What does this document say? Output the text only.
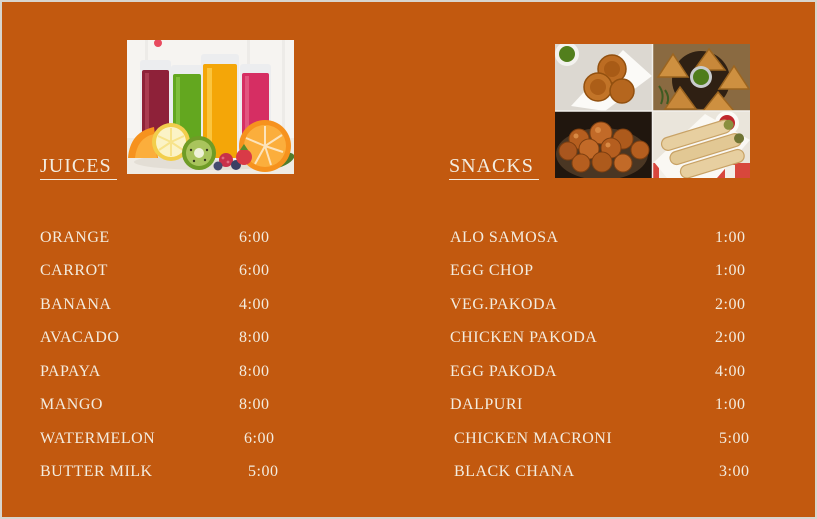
JUICES	SNACKS
ORANGE	6:00
CARROT	6:00
BANANA	4:00
AVACADO	8:00
PAPAYA	8:00
MANGO	8:00
WATERMELON	6:00
BUTTER MILK	5:00
ALO SAMOSA	1:00
EGG CHOP	1:00
VEG.PAKODA	2:00
CHICKEN PAKODA	2:00
EGG PAKODA	4:00
DALPURI	1:00
CHICKEN MACRONI	5:00
BLACK CHANA	3:00
